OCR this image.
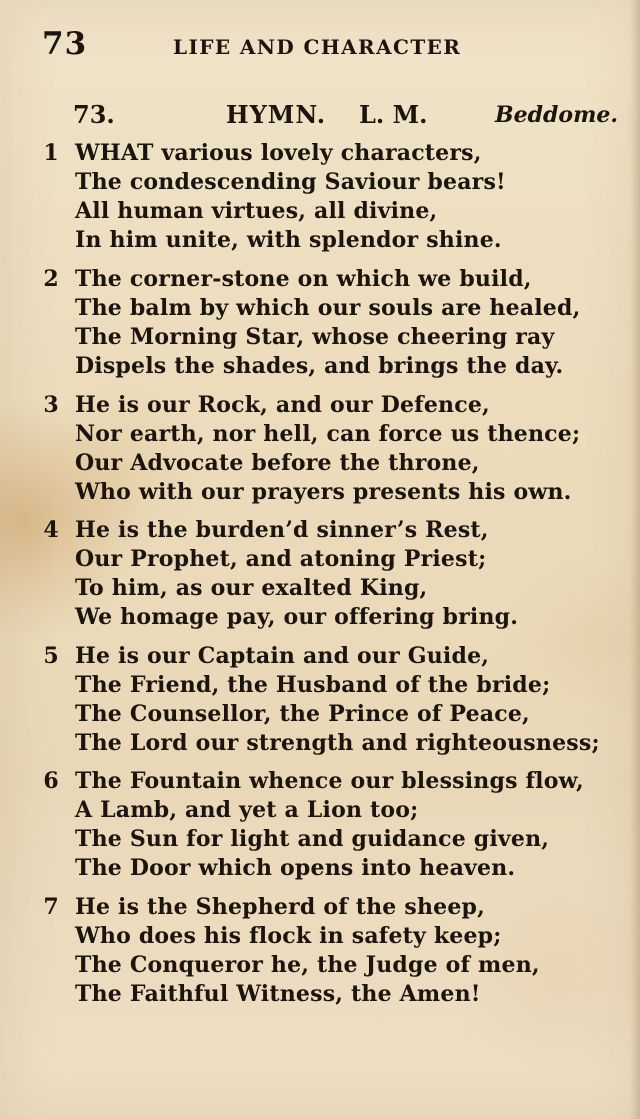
73	LIFE AND CHARACTER
73.	HYMN. L. M.	Beddome.
1 WHAT various lovely characters,
The condescending Saviour bears!
All human virtues, all divine,
In him unite, with splendor shine.
2 The corner-stone on which we build,
The balm by which our souls are healed,
The Morning Star, whose cheering ray
Dispels the shades, and brings the day.
3 He is our Rock, and our Defence,
Nor earth, nor hell, can force us thence;
Our Advocate before the throne,
Who with our prayers presents his own.
4 He is the burden’d sinner’s Rest,
Our Prophet, and atoning Priest;
To him, as our exalted King,
We homage pay, our offering bring.
5 He is our Captain and our Guide,
The Friend, the Husband of the bride;
The Counsellor, the Prince of Peace,
The Lord our strength and righteousness;
6 The Fountain whence our blessings flow,
A Lamb, and yet a Lion too;
The Sun for light and guidance given,
The Door which opens into heaven.
7 He is the Shepherd of the sheep,
Who does his flock in safety keep;
The Conqueror he, the Judge of men,
The Faithful Witness, the Amen!
